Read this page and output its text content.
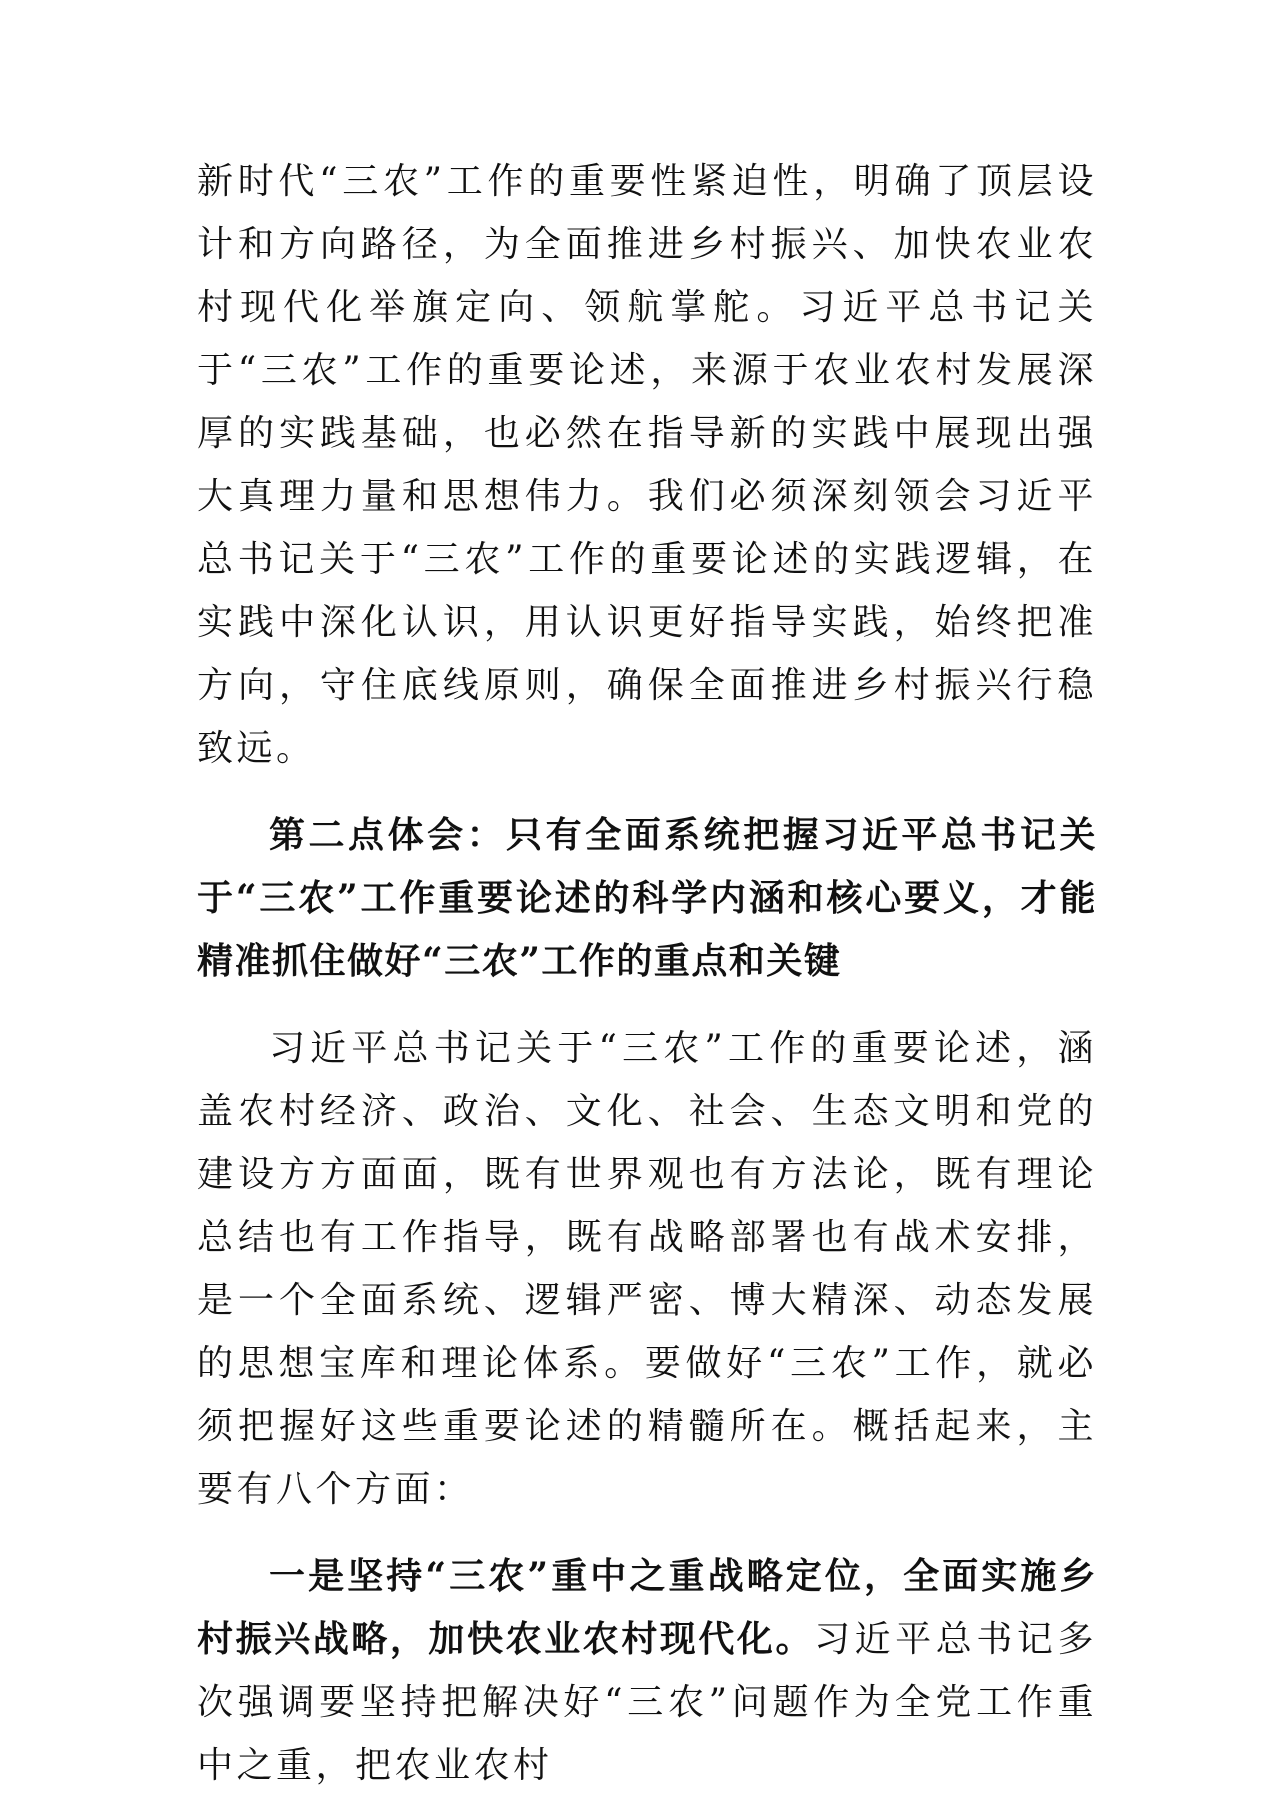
新时代“三农”工作的重要性紧迫性，明确了顶层设计和方向路径，为全面推进乡村振兴、加快农业农村现代化举旗定向、领航掌舵。习近平总书记关于“三农”工作的重要论述，来源于农业农村发展深厚的实践基础，也必然在指导新的实践中展现出强大真理力量和思想伟力。我们必须深刻领会习近平总书记关于“三农”工作的重要论述的实践逻辑，在实践中深化认识，用认识更好指导实践，始终把准方向，守住底线原则，确保全面推进乡村振兴行稳致远。

第二点体会：只有全面系统把握习近平总书记关于“三农”工作重要论述的科学内涵和核心要义，才能精准抓住做好“三农”工作的重点和关键

习近平总书记关于“三农”工作的重要论述，涵盖农村经济、政治、文化、社会、生态文明和党的建设方方面面，既有世界观也有方法论，既有理论总结也有工作指导，既有战略部署也有战术安排，是一个全面系统、逻辑严密、博大精深、动态发展的思想宝库和理论体系。要做好“三农”工作，就必须把握好这些重要论述的精髓所在。概括起来，主要有八个方面：

一是坚持“三农”重中之重战略定位，全面实施乡村振兴战略，加快农业农村现代化。习近平总书记多次强调要坚持把解决好“三农”问题作为全党工作重中之重，把农业农村
